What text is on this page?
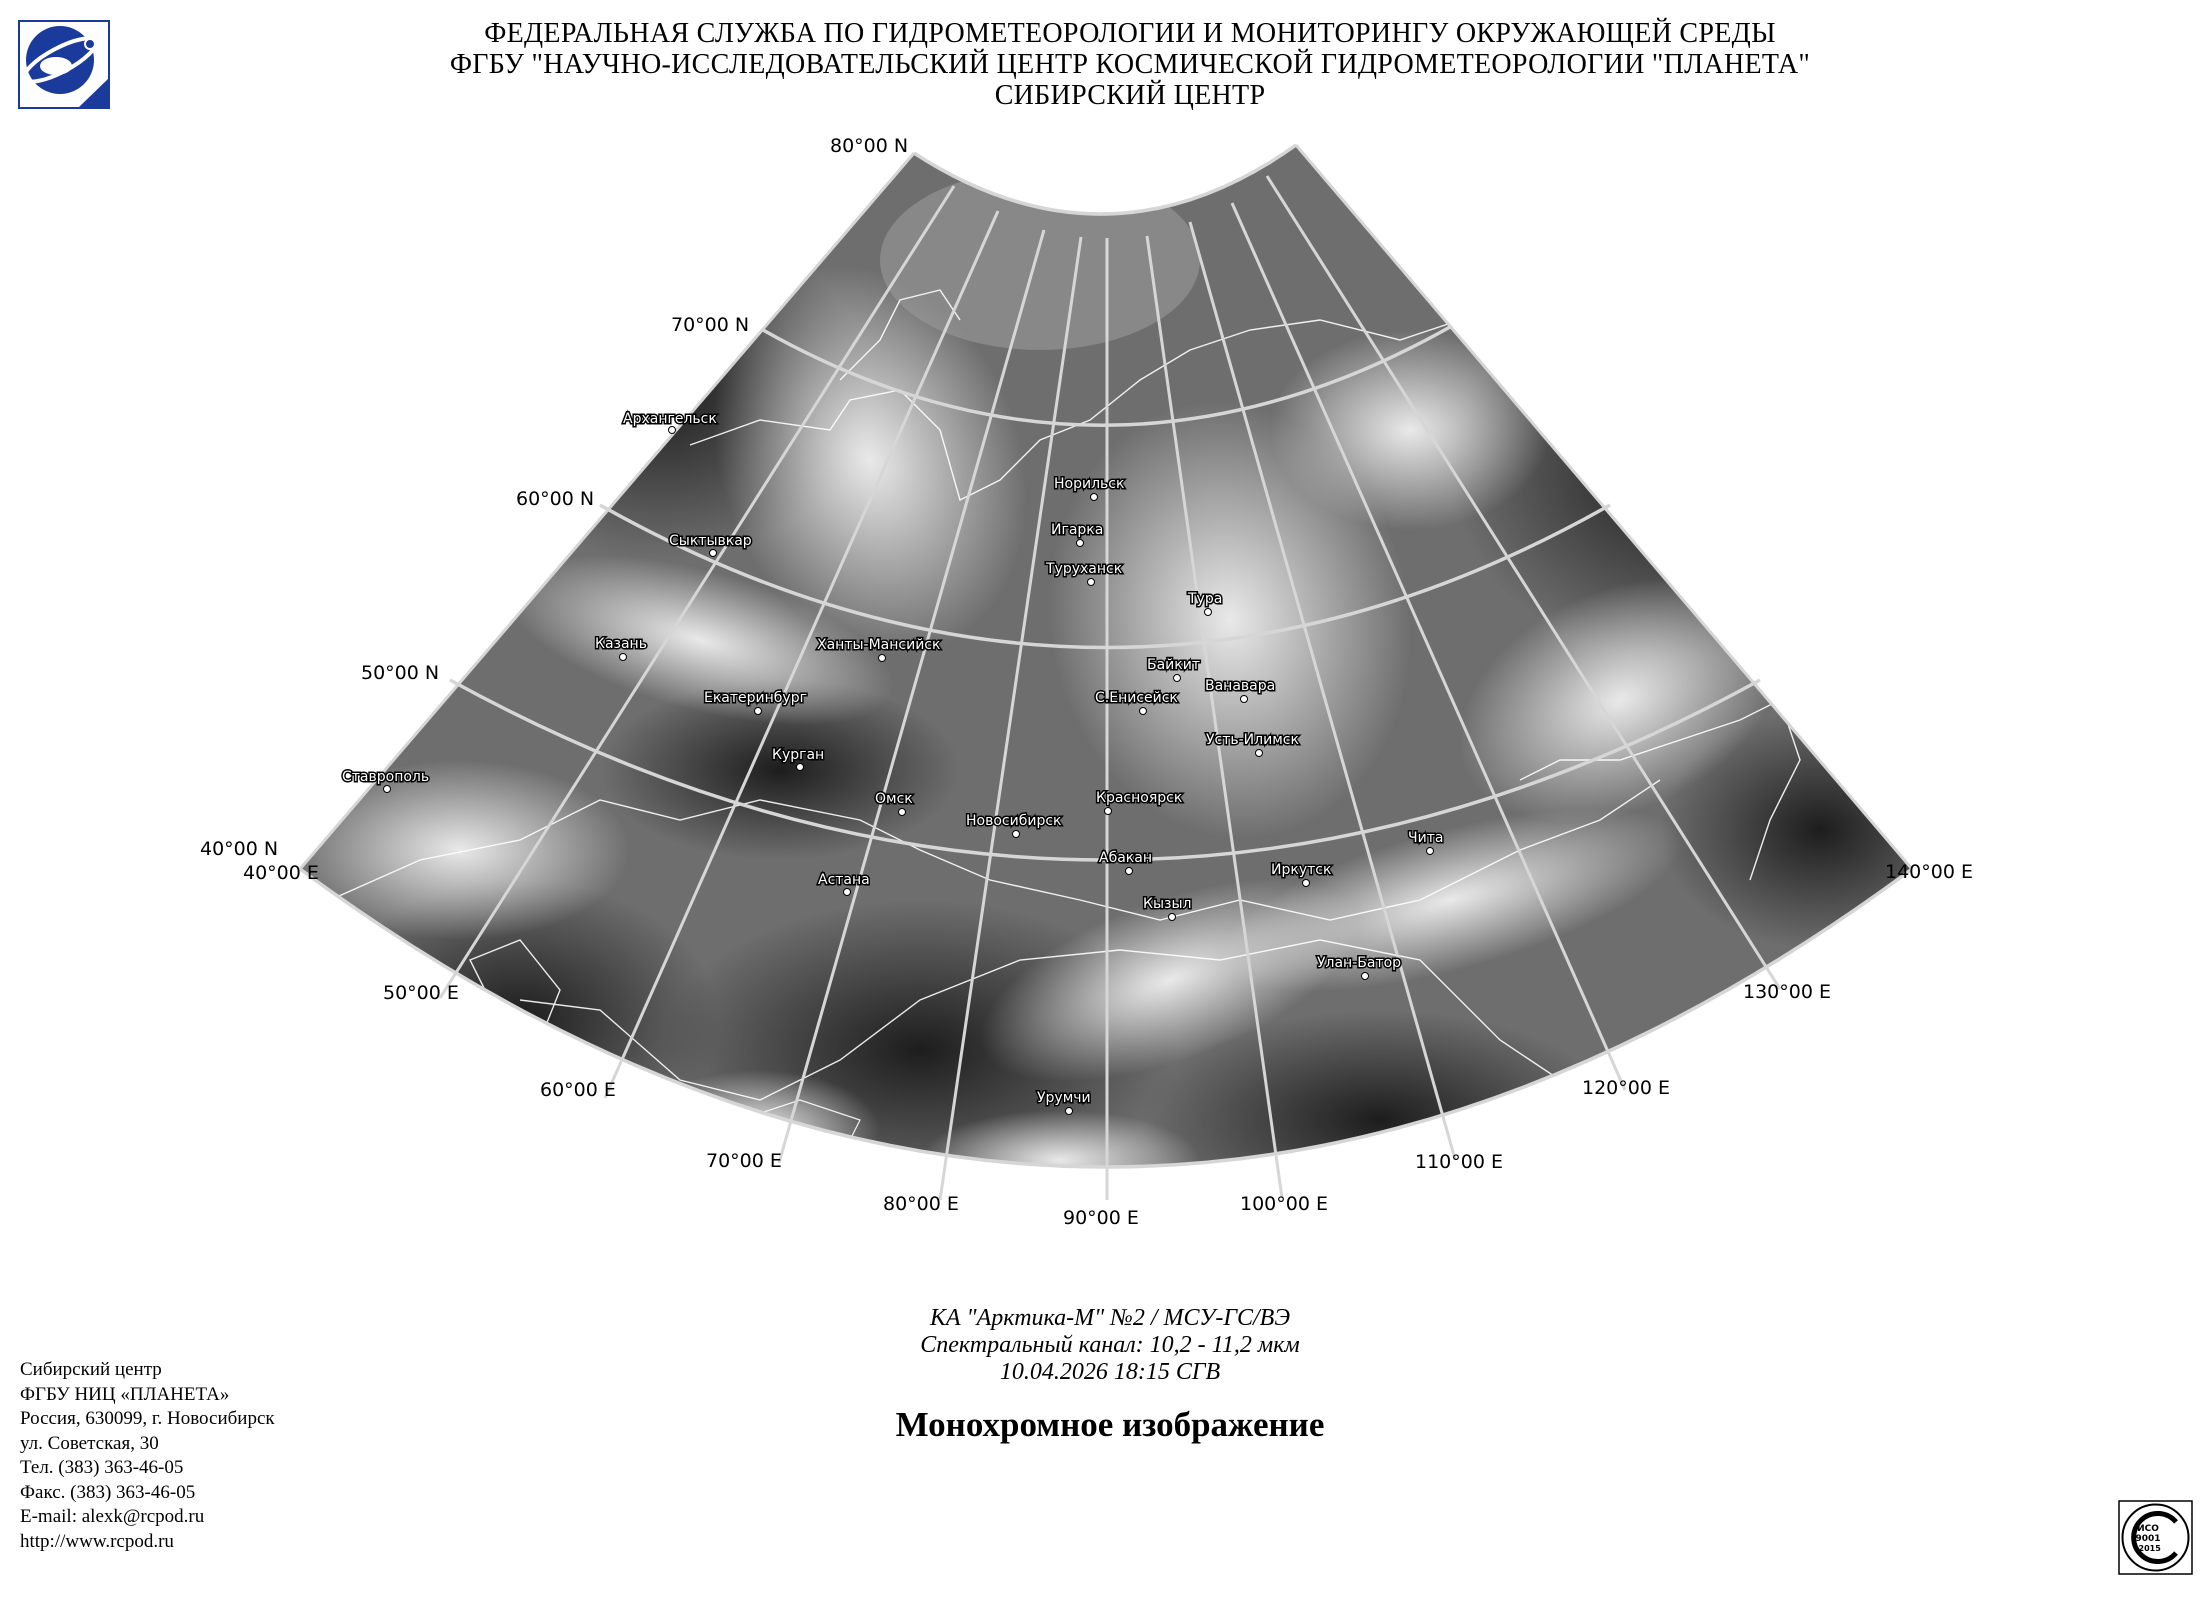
ФЕДЕРАЛЬНАЯ СЛУЖБА ПО ГИДРОМЕТЕОРОЛОГИИ И МОНИТОРИНГУ ОКРУЖАЮЩЕЙ СРЕДЫ
ФГБУ "НАУЧНО-ИССЛЕДОВАТЕЛЬСКИЙ ЦЕНТР КОСМИЧЕСКОЙ ГИДРОМЕТЕОРОЛОГИИ "ПЛАНЕТА"
СИБИРСКИЙ ЦЕНТР
80°00 N
70°00 N
60°00 N
50°00 N
40°00 N
40°00 E
50°00 E
60°00 E
70°00 E
80°00 E
90°00 E
100°00 E
110°00 E
120°00 E
130°00 E
140°00 E
Архангельск
Сыктывкар
Казань
Ставрополь
Екатеринбург
Курган
Ханты-Мансийск
Омск
Астана
Новосибирск
Норильск
Игарка
Туруханск
Тура
Байкит
Ванавара
С.Енисейск
Усть-Илимск
Красноярск
Абакан
Кызыл
Иркутск
Чита
Улан-Батор
Урумчи
КА "Арктика-М" №2 / МСУ-ГС/ВЭ
Спектральный канал: 10,2 - 11,2 мкм
10.04.2026 18:15 СГВ
Монохромное изображение
Сибирский центр
ФГБУ НИЦ «ПЛАНЕТА»
Россия, 630099, г. Новосибирск
ул. Советская, 30
Тел. (383) 363-46-05
Факс. (383) 363-46-05
E-mail: alexk@rcpod.ru
http://www.rcpod.ru
ИСО
9001
-2015
